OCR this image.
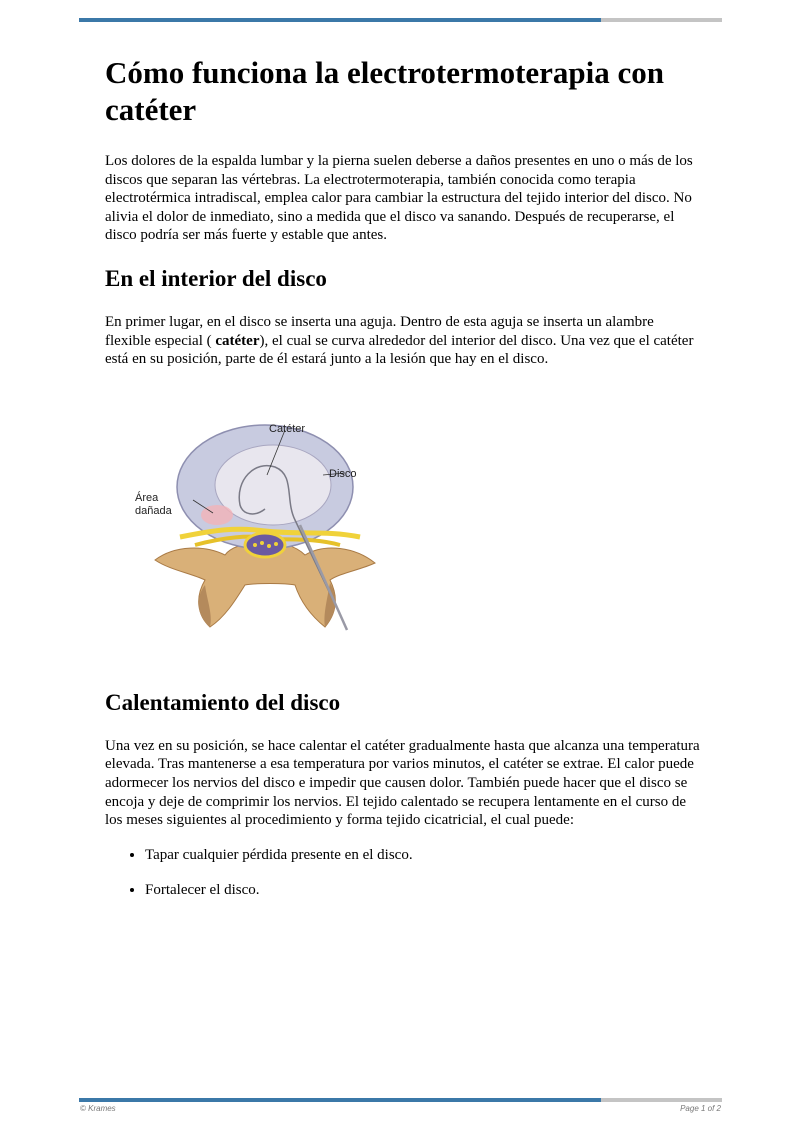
Cómo funciona la electrotermoterapia con catéter

Los dolores de la espalda lumbar y la pierna suelen deberse a daños presentes en uno o más de los discos que separan las vértebras. La electrotermoterapia, también conocida como terapia electrotérmica intradiscal, emplea calor para cambiar la estructura del tejido interior del disco. No alivia el dolor de inmediato, sino a medida que el disco va sanando. Después de recuperarse, el disco podría ser más fuerte y estable que antes.

En el interior del disco

En primer lugar, en el disco se inserta una aguja. Dentro de esta aguja se inserta un alambre flexible especial ( catéter), el cual se curva alrededor del interior del disco. Una vez que el catéter está en su posición, parte de él estará junto a la lesión que hay en el disco.

Catéter
Disco
Área
dañada
Calentamiento del disco

Una vez en su posición, se hace calentar el catéter gradualmente hasta que alcanza una temperatura elevada. Tras mantenerse a esa temperatura por varios minutos, el catéter se extrae. El calor puede adormecer los nervios del disco e impedir que causen dolor. También puede hacer que el disco se encoja y deje de comprimir los nervios. El tejido calentado se recupera lentamente en el curso de los meses siguientes al procedimiento y forma tejido cicatricial, el cual puede:

• Tapar cualquier pérdida presente en el disco.
• Fortalecer el disco.
© Krames	Page 1 of 2
